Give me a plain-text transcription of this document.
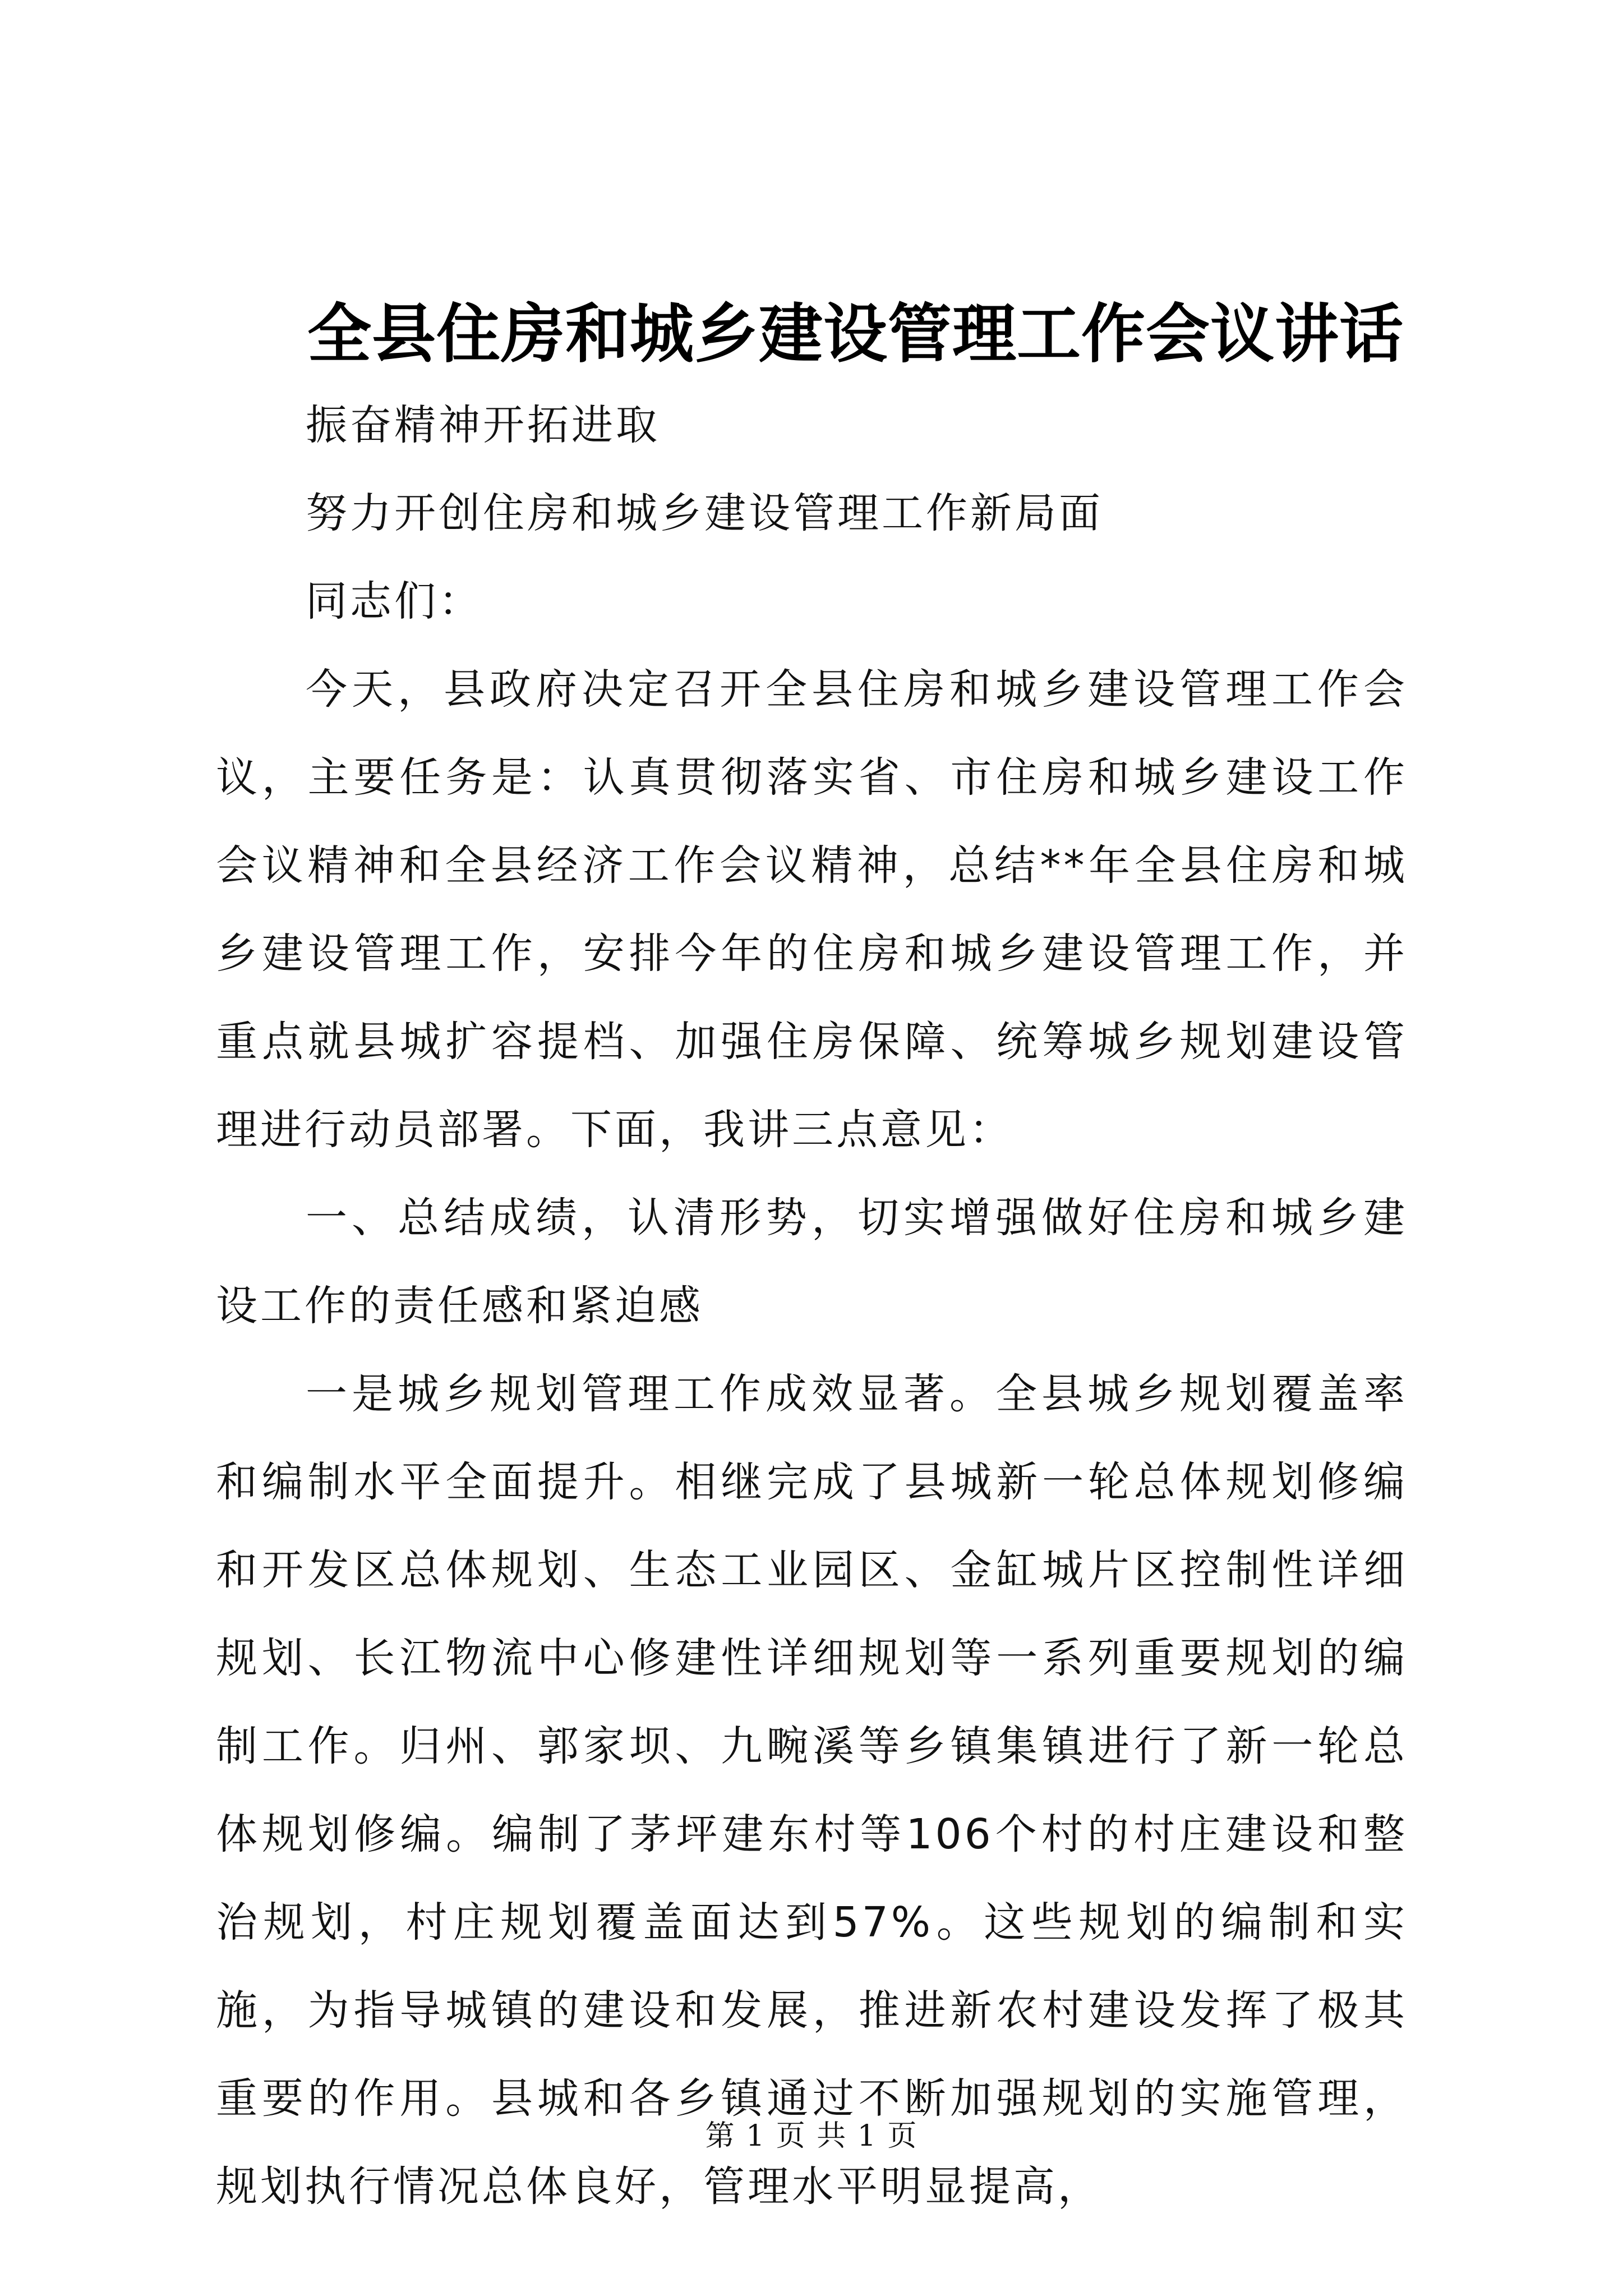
全县住房和城乡建设管理工作会议讲话

振奋精神开拓进取

努力开创住房和城乡建设管理工作新局面

同志们：

今天，县政府决定召开全县住房和城乡建设管理工作会议，主要任务是：认真贯彻落实省、市住房和城乡建设工作会议精神和全县经济工作会议精神，总结**年全县住房和城乡建设管理工作，安排今年的住房和城乡建设管理工作，并重点就县城扩容提档、加强住房保障、统筹城乡规划建设管理进行动员部署。下面，我讲三点意见：

一、总结成绩，认清形势，切实增强做好住房和城乡建设工作的责任感和紧迫感

一是城乡规划管理工作成效显著。全县城乡规划覆盖率和编制水平全面提升。相继完成了县城新一轮总体规划修编和开发区总体规划、生态工业园区、金缸城片区控制性详细规划、长江物流中心修建性详细规划等一系列重要规划的编制工作。归州、郭家坝、九畹溪等乡镇集镇进行了新一轮总体规划修编。编制了茅坪建东村等106个村的村庄建设和整治规划，村庄规划覆盖面达到57%。这些规划的编制和实施，为指导城镇的建设和发展，推进新农村建设发挥了极其重要的作用。县城和各乡镇通过不断加强规划的实施管理，规划执行情况总体良好，管理水平明显提高，

第 1 页 共 1 页
